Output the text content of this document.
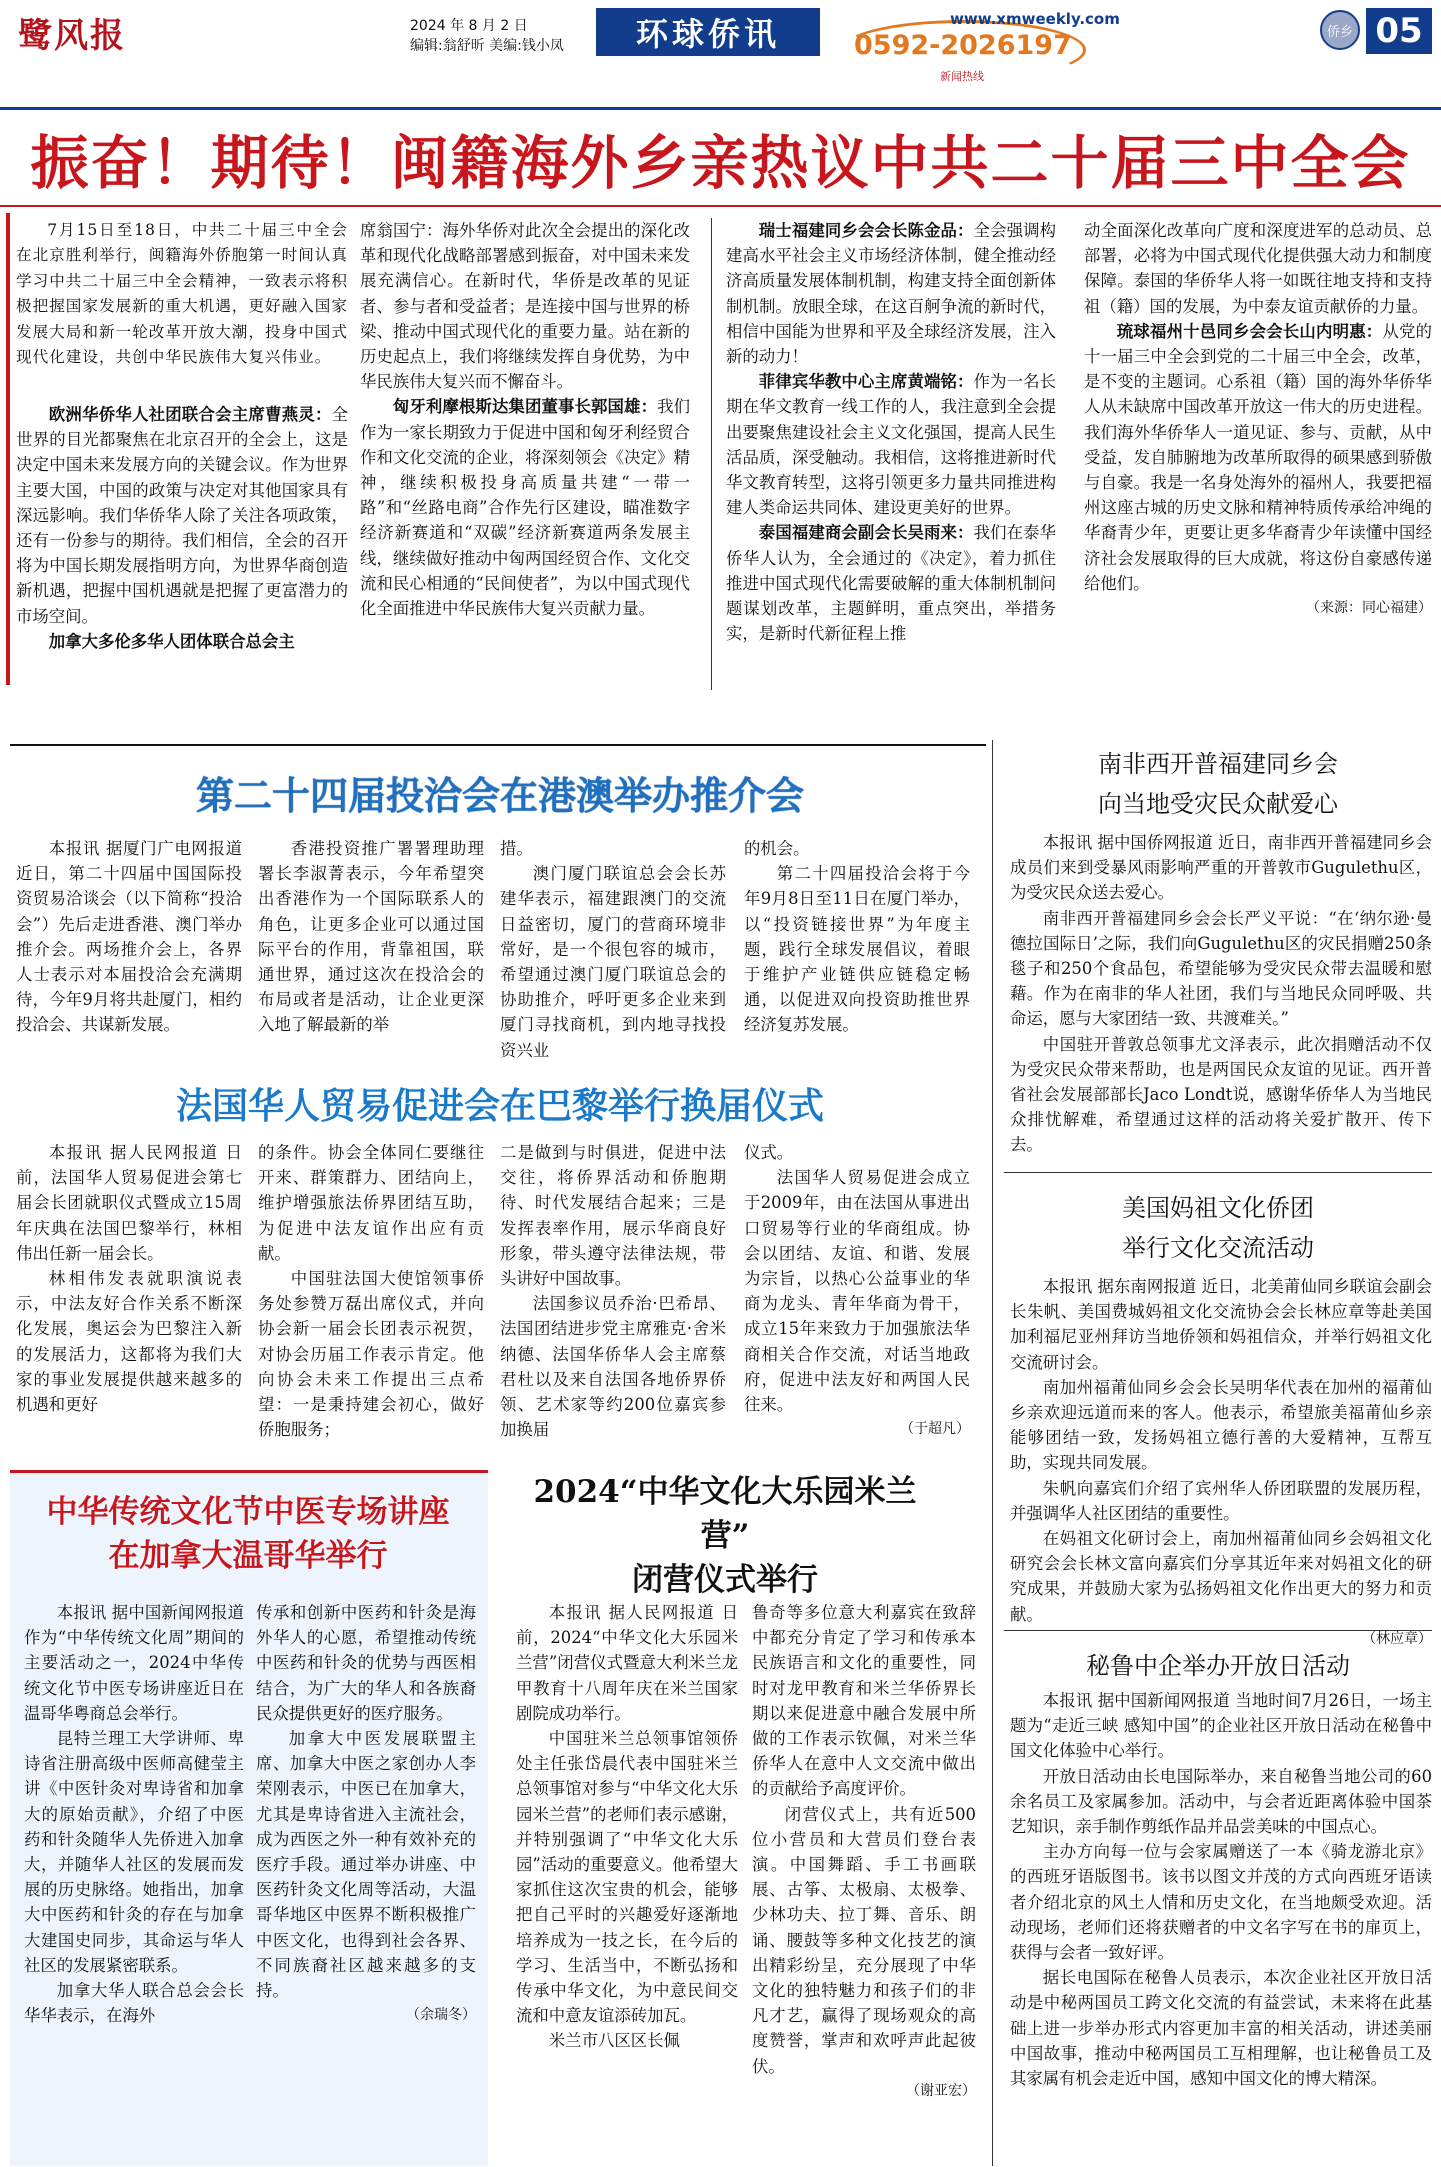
鹭风报	2024 年 8 月 2 日
编辑:翁舒昕 美编:钱小凤	环球侨讯	www.xmweekly.com
0592-2026197
新闻热线
侨乡 05
振奋！期待！闽籍海外乡亲热议中共二十届三中全会

7月15日至18日，中共二十届三中全会在北京胜利举行，闽籍海外侨胞第一时间认真学习中共二十届三中全会精神，一致表示将积极把握国家发展新的重大机遇，更好融入国家发展大局和新一轮改革开放大潮，投身中国式现代化建设，共创中华民族伟大复兴伟业。

欧洲华侨华人社团联合会主席曹燕灵：全世界的目光都聚焦在北京召开的全会上，这是决定中国未来发展方向的关键会议。作为世界主要大国，中国的政策与决定对其他国家具有深远影响。我们华侨华人除了关注各项政策，还有一份参与的期待。我们相信，全会的召开将为中国长期发展指明方向，为世界华商创造新机遇，把握中国机遇就是把握了更富潜力的市场空间。

加拿大多伦多华人团体联合总会主

席翁国宁：海外华侨对此次全会提出的深化改革和现代化战略部署感到振奋，对中国未来发展充满信心。在新时代，华侨是改革的见证者、参与者和受益者；是连接中国与世界的桥梁、推动中国式现代化的重要力量。站在新的历史起点上，我们将继续发挥自身优势，为中华民族伟大复兴而不懈奋斗。

匈牙利摩根斯达集团董事长郭国雄：我们作为一家长期致力于促进中国和匈牙利经贸合作和文化交流的企业，将深刻领会《决定》精神，继续积极投身高质量共建“一带一路”和“丝路电商”合作先行区建设，瞄准数字经济新赛道和“双碳”经济新赛道两条发展主线，继续做好推动中匈两国经贸合作、文化交流和民心相通的“民间使者”，为以中国式现代化全面推进中华民族伟大复兴贡献力量。

瑞士福建同乡会会长陈金品：全会强调构建高水平社会主义市场经济体制，健全推动经济高质量发展体制机制，构建支持全面创新体制机制。放眼全球，在这百舸争流的新时代，相信中国能为世界和平及全球经济发展，注入新的动力！

菲律宾华教中心主席黄端铭：作为一名长期在华文教育一线工作的人，我注意到全会提出要聚焦建设社会主义文化强国，提高人民生活品质，深受触动。我相信，这将推进新时代华文教育转型，这将引领更多力量共同推进构建人类命运共同体、建设更美好的世界。

泰国福建商会副会长吴雨来：我们在泰华侨华人认为，全会通过的《决定》，着力抓住推进中国式现代化需要破解的重大体制机制问题谋划改革，主题鲜明，重点突出，举措务实，是新时代新征程上推

动全面深化改革向广度和深度进军的总动员、总部署，必将为中国式现代化提供强大动力和制度保障。泰国的华侨华人将一如既往地支持和支持祖（籍）国的发展，为中泰友谊贡献侨的力量。

琉球福州十邑同乡会会长山内明惠：从党的十一届三中全会到党的二十届三中全会，改革，是不变的主题词。心系祖（籍）国的海外华侨华人从未缺席中国改革开放这一伟大的历史进程。我们海外华侨华人一道见证、参与、贡献，从中受益，发自肺腑地为改革所取得的硕果感到骄傲与自豪。我是一名身处海外的福州人，我要把福州这座古城的历史文脉和精神特质传承给冲绳的华裔青少年，更要让更多华裔青少年读懂中国经济社会发展取得的巨大成就，将这份自豪感传递给他们。

（来源：同心福建）
第二十四届投洽会在港澳举办推介会

本报讯 据厦门广电网报道 近日，第二十四届中国国际投资贸易洽谈会（以下简称“投洽会”）先后走进香港、澳门举办推介会。两场推介会上，各界人士表示对本届投洽会充满期待，今年9月将共赴厦门，相约投洽会、共谋新发展。

香港投资推广署署理助理署长李淑菁表示，今年希望突出香港作为一个国际联系人的角色，让更多企业可以通过国际平台的作用，背靠祖国，联通世界，通过这次在投洽会的布局或者是活动，让企业更深入地了解最新的举

措。

澳门厦门联谊总会会长苏建华表示，福建跟澳门的交流日益密切，厦门的营商环境非常好，是一个很包容的城市，希望通过澳门厦门联谊总会的协助推介，呼吁更多企业来到厦门寻找商机，到内地寻找投资兴业

的机会。

第二十四届投洽会将于今年9月8日至11日在厦门举办，以“投资链接世界”为年度主题，践行全球发展倡议，着眼于维护产业链供应链稳定畅通，以促进双向投资助推世界经济复苏发展。

法国华人贸易促进会在巴黎举行换届仪式

本报讯 据人民网报道 日前，法国华人贸易促进会第七届会长团就职仪式暨成立15周年庆典在法国巴黎举行，林相伟出任新一届会长。

林相伟发表就职演说表示，中法友好合作关系不断深化发展，奥运会为巴黎注入新的发展活力，这都将为我们大家的事业发展提供越来越多的机遇和更好

的条件。协会全体同仁要继往开来、群策群力、团结向上，维护增强旅法侨界团结互助，为促进中法友谊作出应有贡献。

中国驻法国大使馆领事侨务处参赞万磊出席仪式，并向协会新一届会长团表示祝贺，对协会历届工作表示肯定。他向协会未来工作提出三点希望：一是秉持建会初心，做好侨胞服务；

二是做到与时俱进，促进中法交往，将侨界活动和侨胞期待、时代发展结合起来；三是发挥表率作用，展示华商良好形象，带头遵守法律法规，带头讲好中国故事。

法国参议员乔治·巴希昂、法国团结进步党主席雅克·舍米纳德、法国华侨华人会主席蔡君杜以及来自法国各地侨界侨领、艺术家等约200位嘉宾参加换届

仪式。

法国华人贸易促进会成立于2009年，由在法国从事进出口贸易等行业的华商组成。协会以团结、友谊、和谐、发展为宗旨，以热心公益事业的华商为龙头、青年华商为骨干，成立15年来致力于加强旅法华商相关合作交流，对话当地政府，促进中法友好和两国人民往来。

（于超凡）
中华传统文化节中医专场讲座
在加拿大温哥华举行

本报讯 据中国新闻网报道 作为“中华传统文化周”期间的主要活动之一，2024中华传统文化节中医专场讲座近日在温哥华粤商总会举行。

昆特兰理工大学讲师、卑诗省注册高级中医师高健莹主讲《中医针灸对卑诗省和加拿大的原始贡献》，介绍了中医药和针灸随华人先侨进入加拿大，并随华人社区的发展而发展的历史脉络。她指出，加拿大中医药和针灸的存在与加拿大建国史同步，其命运与华人社区的发展紧密联系。

加拿大华人联合总会会长华华表示，在海外

传承和创新中医药和针灸是海外华人的心愿，希望推动传统中医药和针灸的优势与西医相结合，为广大的华人和各族裔民众提供更好的医疗服务。

加拿大中医发展联盟主席、加拿大中医之家创办人李荣刚表示，中医已在加拿大，尤其是卑诗省进入主流社会，成为西医之外一种有效补充的医疗手段。通过举办讲座、中医药针灸文化周等活动，大温哥华地区中医界不断积极推广中医文化，也得到社会各界、不同族裔社区越来越多的支持。

（余瑞冬）
2024“中华文化大乐园米兰营”
闭营仪式举行

本报讯 据人民网报道 日前，2024“中华文化大乐园米兰营”闭营仪式暨意大利米兰龙甲教育十八周年庆在米兰国家剧院成功举行。

中国驻米兰总领事馆领侨处主任张岱晨代表中国驻米兰总领事馆对参与“中华文化大乐园米兰营”的老师们表示感谢，并特别强调了“中华文化大乐园”活动的重要意义。他希望大家抓住这次宝贵的机会，能够把自己平时的兴趣爱好逐渐地培养成为一技之长，在今后的学习、生活当中，不断弘扬和传承中华文化，为中意民间交流和中意友谊添砖加瓦。

米兰市八区区长佩

鲁奇等多位意大利嘉宾在致辞中都充分肯定了学习和传承本民族语言和文化的重要性，同时对龙甲教育和米兰华侨界长期以来促进意中融合发展中所做的工作表示钦佩，对米兰华侨华人在意中人文交流中做出的贡献给予高度评价。

闭营仪式上，共有近500位小营员和大营员们登台表演。中国舞蹈、手工书画联展、古筝、太极扇、太极拳、少林功夫、拉丁舞、音乐、朗诵、腰鼓等多种文化技艺的演出精彩纷呈，充分展现了中华文化的独特魅力和孩子们的非凡才艺，赢得了现场观众的高度赞誉，掌声和欢呼声此起彼伏。

（谢亚宏）
南非西开普福建同乡会
向当地受灾民众献爱心

本报讯 据中国侨网报道 近日，南非西开普福建同乡会成员们来到受暴风雨影响严重的开普敦市Gugulethu区，为受灾民众送去爱心。

南非西开普福建同乡会会长严义平说：“在‘纳尔逊·曼德拉国际日’之际，我们向Gugulethu区的灾民捐赠250条毯子和250个食品包，希望能够为受灾民众带去温暖和慰藉。作为在南非的华人社团，我们与当地民众同呼吸、共命运，愿与大家团结一致、共渡难关。”

中国驻开普敦总领事尤文泽表示，此次捐赠活动不仅为受灾民众带来帮助，也是两国民众友谊的见证。西开普省社会发展部部长Jaco Londt说，感谢华侨华人为当地民众排忧解难，希望通过这样的活动将关爱扩散开、传下去。

美国妈祖文化侨团
举行文化交流活动

本报讯 据东南网报道 近日，北美莆仙同乡联谊会副会长朱帆、美国费城妈祖文化交流协会会长林应章等赴美国加利福尼亚州拜访当地侨领和妈祖信众，并举行妈祖文化交流研讨会。

南加州福莆仙同乡会会长吴明华代表在加州的福莆仙乡亲欢迎远道而来的客人。他表示，希望旅美福莆仙乡亲能够团结一致，发扬妈祖立德行善的大爱精神，互帮互助，实现共同发展。

朱帆向嘉宾们介绍了宾州华人侨团联盟的发展历程，并强调华人社区团结的重要性。

在妈祖文化研讨会上，南加州福莆仙同乡会妈祖文化研究会会长林文富向嘉宾们分享其近年来对妈祖文化的研究成果，并鼓励大家为弘扬妈祖文化作出更大的努力和贡献。

（林应章）
秘鲁中企举办开放日活动

本报讯 据中国新闻网报道 当地时间7月26日，一场主题为“走近三峡 感知中国”的企业社区开放日活动在秘鲁中国文化体验中心举行。

开放日活动由长电国际举办，来自秘鲁当地公司的60余名员工及家属参加。活动中，与会者近距离体验中国茶艺知识，亲手制作剪纸作品并品尝美味的中国点心。

主办方向每一位与会家属赠送了一本《骑龙游北京》的西班牙语版图书。该书以图文并茂的方式向西班牙语读者介绍北京的风土人情和历史文化，在当地颇受欢迎。活动现场，老师们还将获赠者的中文名字写在书的扉页上，获得与会者一致好评。

据长电国际在秘鲁人员表示，本次企业社区开放日活动是中秘两国员工跨文化交流的有益尝试，未来将在此基础上进一步举办形式内容更加丰富的相关活动，讲述美丽中国故事，推动中秘两国员工互相理解，也让秘鲁员工及其家属有机会走近中国，感知中国文化的博大精深。
